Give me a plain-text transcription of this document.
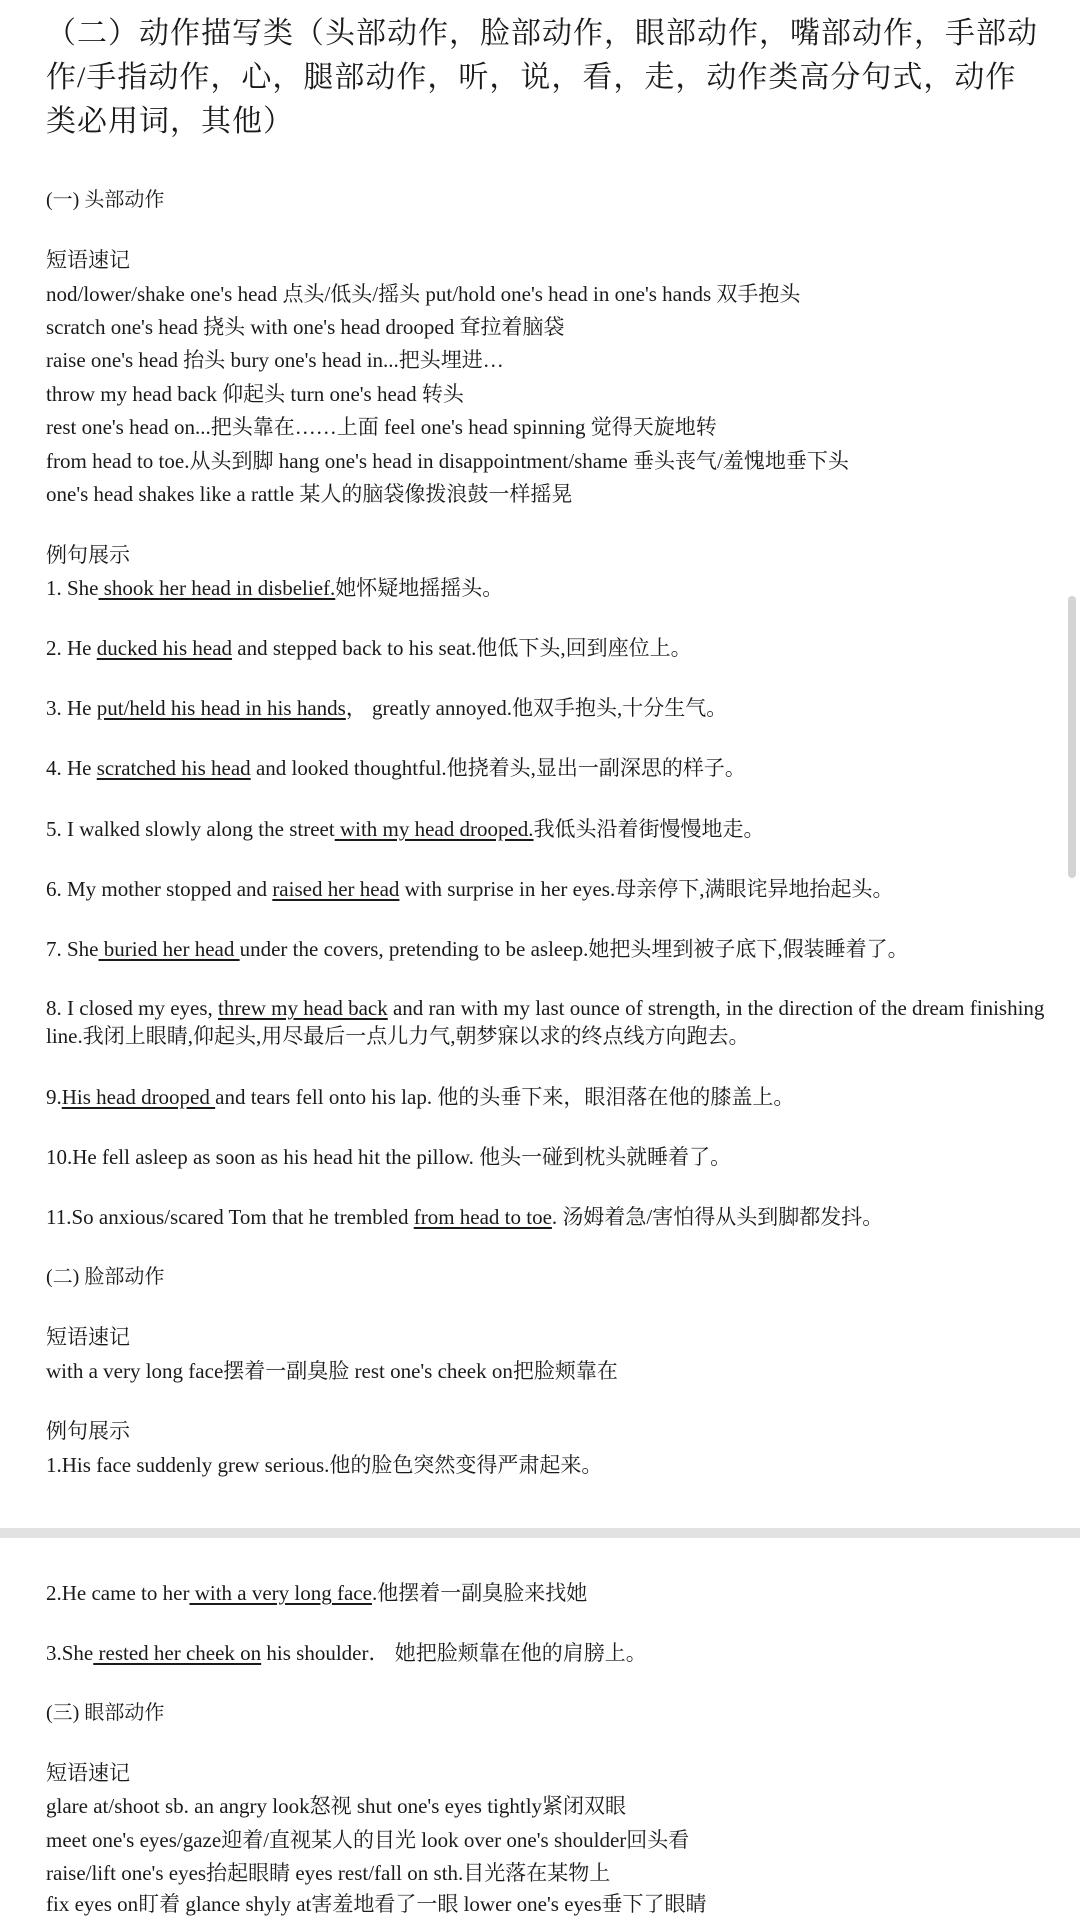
（二）动作描写类（头部动作，脸部动作，眼部动作，嘴部动作，手部动作/手指动作，心，腿部动作，听，说，看，走，动作类高分句式，动作类必用词，其他）
(一) 头部动作
短语速记
nod/lower/shake one's head 点头/低头/摇头 put/hold one's head in one's hands 双手抱头
scratch one's head 挠头 with one's head drooped 耷拉着脑袋
raise one's head 抬头 bury one's head in...把头埋进…
throw my head back 仰起头 turn one's head 转头
rest one's head on...把头靠在……上面 feel one's head spinning 觉得天旋地转
from head to toe.从头到脚 hang one's head in disappointment/shame 垂头丧气/羞愧地垂下头
one's head shakes like a rattle 某人的脑袋像拨浪鼓一样摇晃
例句展示
1. She shook her head in disbelief.她怀疑地摇摇头。
2. He ducked his head and stepped back to his seat.他低下头,回到座位上。
3. He put/held his head in his hands， greatly annoyed.他双手抱头,十分生气。
4. He scratched his head and looked thoughtful.他挠着头,显出一副深思的样子。
5. I walked slowly along the street with my head drooped.我低头沿着街慢慢地走。
6. My mother stopped and raised her head with surprise in her eyes.母亲停下,满眼诧异地抬起头。
7. She buried her head under the covers, pretending to be asleep.她把头埋到被子底下,假装睡着了。
8. I closed my eyes, threw my head back and ran with my last ounce of strength, in the direction of the dream finishing line.我闭上眼睛,仰起头,用尽最后一点儿力气,朝梦寐以求的终点线方向跑去。
9.His head drooped and tears fell onto his lap. 他的头垂下来，眼泪落在他的膝盖上。
10.He fell asleep as soon as his head hit the pillow. 他头一碰到枕头就睡着了。
11.So anxious/scared Tom that he trembled from head to toe. 汤姆着急/害怕得从头到脚都发抖。
(二) 脸部动作
短语速记
with a very long face摆着一副臭脸 rest one's cheek on把脸颊靠在
例句展示
1.His face suddenly grew serious.他的脸色突然变得严肃起来。
2.He came to her with a very long face.他摆着一副臭脸来找她
3.She rested her cheek on his shoulder． 她把脸颊靠在他的肩膀上。
(三) 眼部动作
短语速记
glare at/shoot sb. an angry look怒视 shut one's eyes tightly紧闭双眼
meet one's eyes/gaze迎着/直视某人的目光 look over one's shoulder回头看
raise/lift one's eyes抬起眼睛 eyes rest/fall on sth.目光落在某物上
fix eyes on盯着 glance shyly at害羞地看了一眼 lower one's eyes垂下了眼睛
